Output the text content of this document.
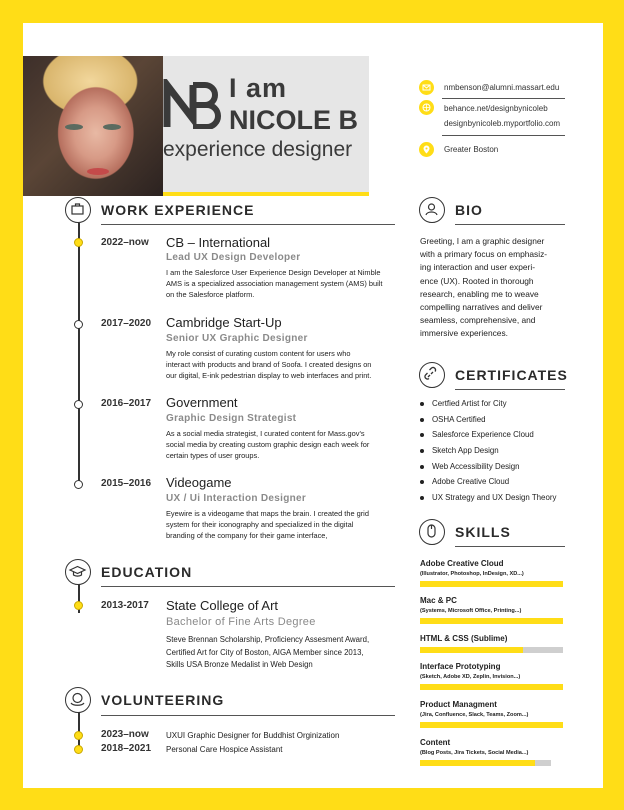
I am
NICOLE B
experience designer
nmbenson@alumni.massart.edu
behance.net/designbynicoleb
designbynicoleb.myportfolio.com
Greater Boston
WORK EXPERIENCE
2022–now CB – International
Lead UX Design Developer
I am the Salesforce User Experience Design Developer at Nimble
AMS is a specialized association management system (AMS) built
on the Salesforce platform.
2017–2020 Cambridge Start-Up
Senior UX Graphic Designer
My role consist of curating custom content for users who
interact with products and brand of Soofa. I created designs on
our digital, E-ink pedestrian display to web interfaces and print.
2016–2017 Government
Graphic Design Strategist
As a social media strategist, I curated content for Mass.gov's
social media by creating custom graphic design each week for
certain types of user groups.
2015–2016 Videogame
UX / Ui Interaction Designer
Eyewire is a videogame that maps the brain. I created the grid
system for their iconography and specialized in the digital
branding of the company for their game interface,
EDUCATION
2013-2017 State College of Art
Bachelor of Fine Arts Degree
Steve Brennan Scholarship, Proficiency Assesment Award,
Certified Art for City of Boston, AIGA Member since 2013,
Skills USA Bronze Medalist in Web Design
VOLUNTEERING
2023–now UXUI Graphic Designer for Buddhist Orginization
2018–2021 Personal Care Hospice Assistant
BIO
Greeting, I am a graphic designer
with a primary focus on emphasiz-
ing interaction and user experi-
ence (UX). Rooted in thorough
research, enabling me to weave
compelling narratives and deliver
seamless, comprehensive, and
immersive experiences.
CERTIFICATES
Certfied Artist for City
OSHA Certified
Salesforce Experience Cloud
Sketch App Design
Web Accessibility Design
Adobe Creative Cloud
UX Strategy and UX Design Theory
SKILLS
Adobe Creative Cloud
(Illustrator, Photoshop, InDesign, XD...)
Mac & PC
(Systems, Microsoft Office, Printing...)
HTML & CSS (Sublime)
Interface Prototyping
(Sketch, Adobe XD, Zeplin, Invision...)
Product Managment
(Jira, Confluence, Slack, Teams, Zoom...)
Content
(Blog Posts, Jira Tickets, Social Media...)
